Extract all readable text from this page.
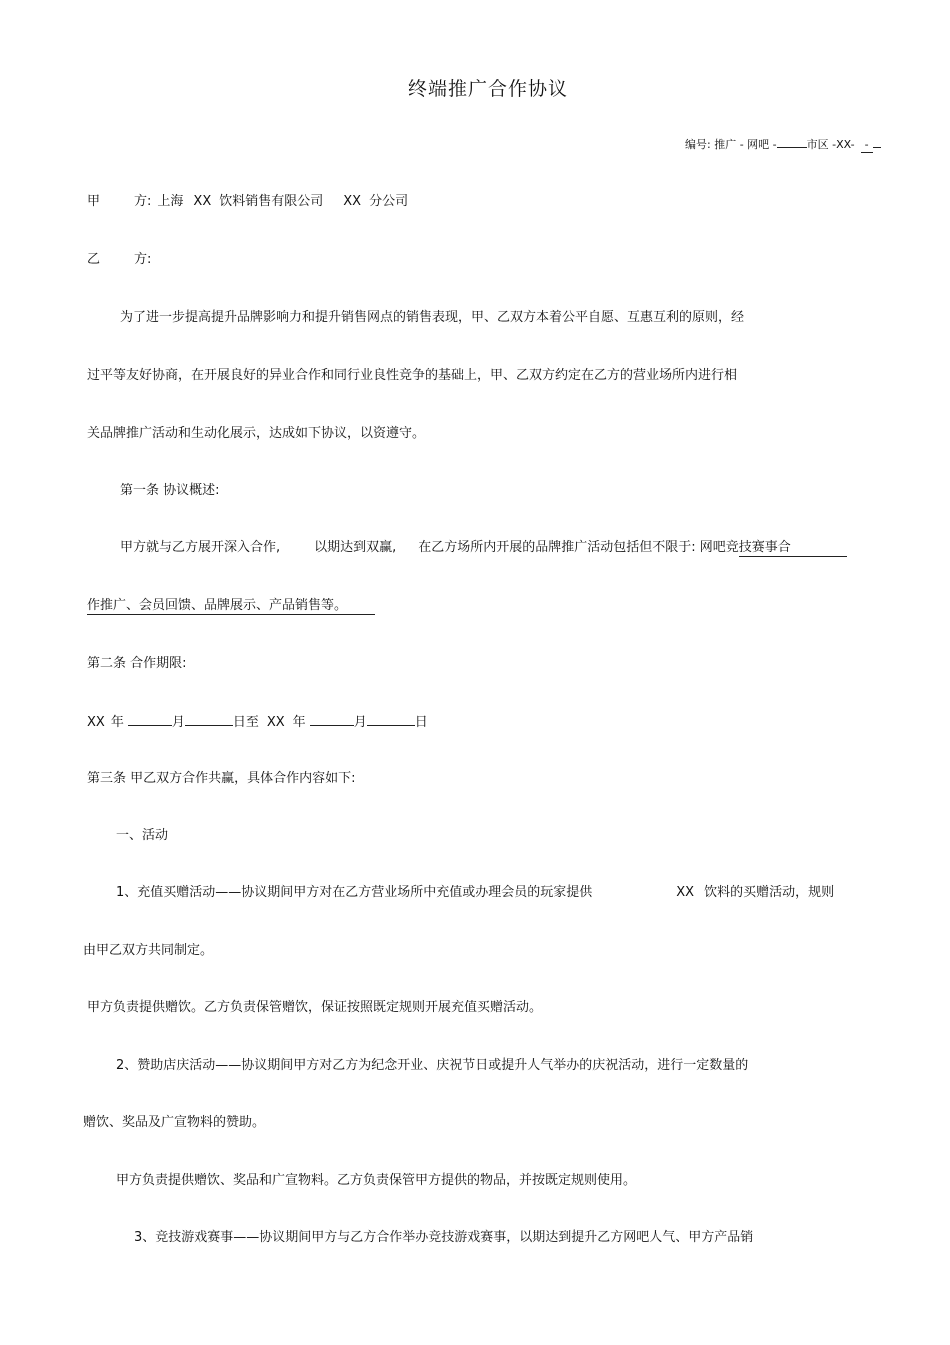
终端推广合作协议
编号: 推广 - 网吧 -	市区 -XX- -
甲	方: 上海 XX 饮料销售有限公司 XX 分公司
乙	方:
为了进一步提高提升品牌影响力和提升销售网点的销售表现，甲、乙双方本着公平自愿、互惠互利的原则，经
过平等友好协商，在开展良好的异业合作和同行业良性竞争的基础上，甲、乙双方约定在乙方的营业场所内进行相
关品牌推广活动和生动化展示，达成如下协议，以资遵守。
第一条 协议概述:
甲方就与乙方展开深入合作,	以期达到双赢, 在乙方场所内开展的品牌推广活动包括但不限于: 网吧竞技赛事合
作推广、会员回馈、品牌展示、产品销售等。
第二条 合作期限:
XX 年	月	日至 XX 年	月	日
第三条 甲乙双方合作共赢，具体合作内容如下:
一、活动
1、充值买赠活动——协议期间甲方对在乙方营业场所中充值或办理会员的玩家提供	XX 饮料的买赠活动，规则
由甲乙双方共同制定。
甲方负责提供赠饮。乙方负责保管赠饮，保证按照既定规则开展充值买赠活动。
2、赞助店庆活动——协议期间甲方对乙方为纪念开业、庆祝节日或提升人气举办的庆祝活动，进行一定数量的
赠饮、奖品及广宣物料的赞助。
甲方负责提供赠饮、奖品和广宣物料。乙方负责保管甲方提供的物品，并按既定规则使用。
3、竞技游戏赛事——协议期间甲方与乙方合作举办竞技游戏赛事，以期达到提升乙方网吧人气、甲方产品销
